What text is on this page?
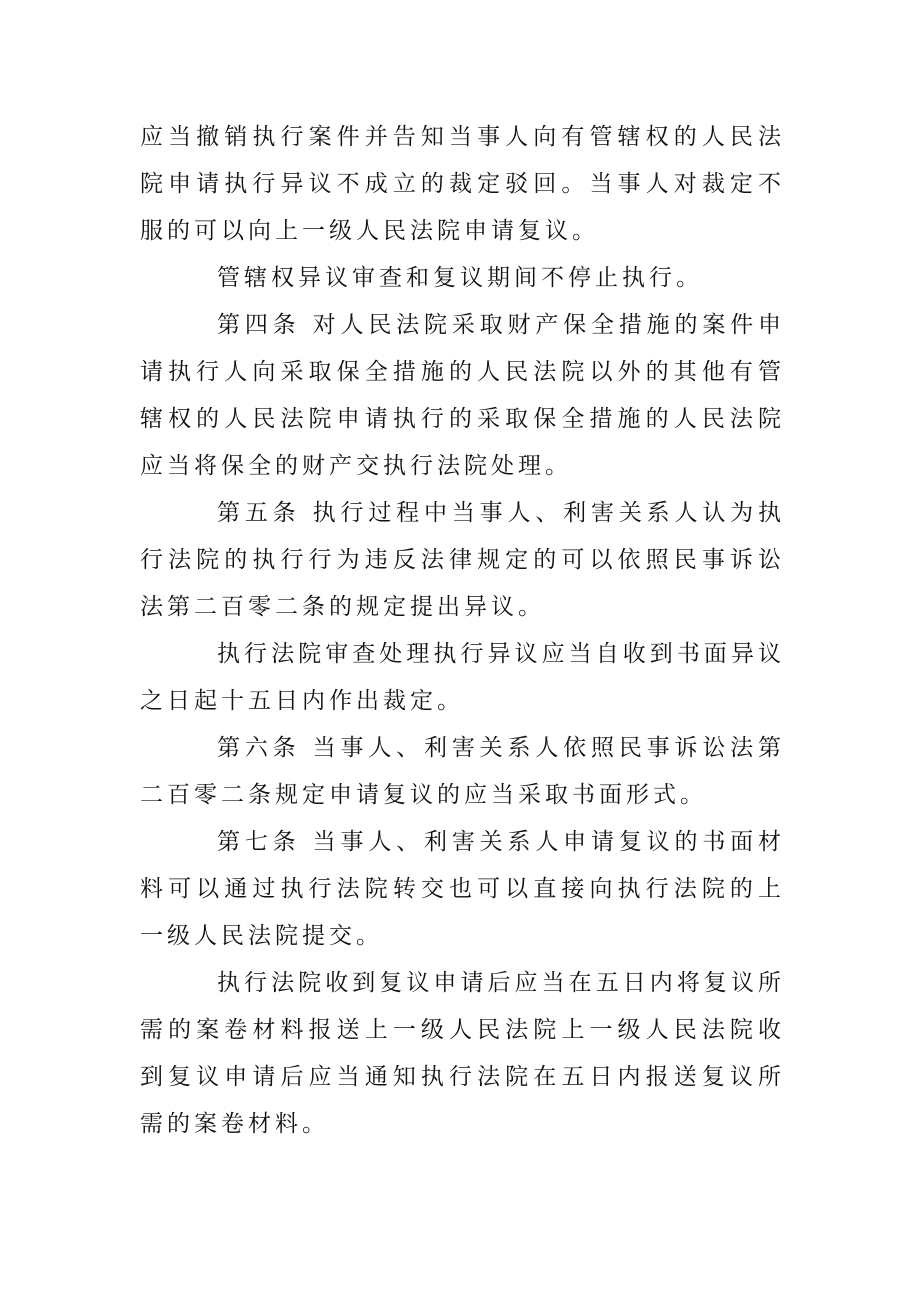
应当撤销执行案件并告知当事人向有管辖权的人民法院申请执行异议不成立的裁定驳回。当事人对裁定不服的可以向上一级人民法院申请复议。

管辖权异议审查和复议期间不停止执行。

第四条 对人民法院采取财产保全措施的案件申请执行人向采取保全措施的人民法院以外的其他有管辖权的人民法院申请执行的采取保全措施的人民法院应当将保全的财产交执行法院处理。

第五条 执行过程中当事人、利害关系人认为执行法院的执行行为违反法律规定的可以依照民事诉讼法第二百零二条的规定提出异议。

执行法院审查处理执行异议应当自收到书面异议之日起十五日内作出裁定。

第六条 当事人、利害关系人依照民事诉讼法第二百零二条规定申请复议的应当采取书面形式。

第七条 当事人、利害关系人申请复议的书面材料可以通过执行法院转交也可以直接向执行法院的上一级人民法院提交。

执行法院收到复议申请后应当在五日内将复议所需的案卷材料报送上一级人民法院上一级人民法院收到复议申请后应当通知执行法院在五日内报送复议所需的案卷材料。
